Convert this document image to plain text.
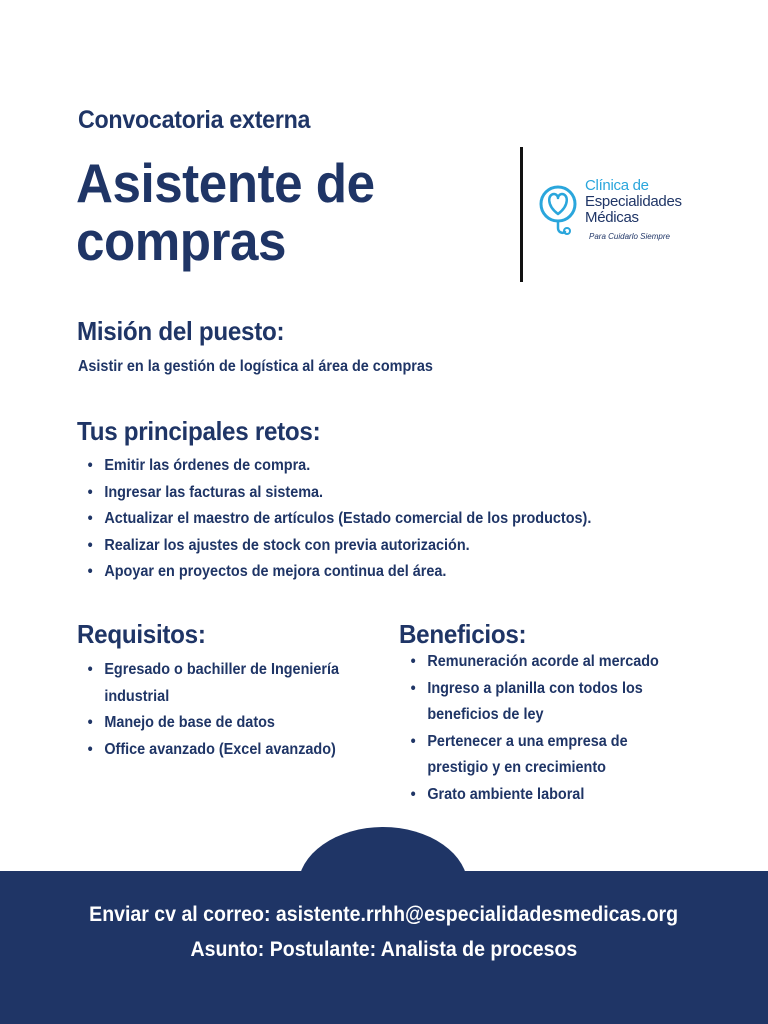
Convocatoria externa
Asistente de
compras
Clínica de
Especialidades
Médicas
Para Cuidarlo Siempre
Misión del puesto:
Asistir en la gestión de logística al área de compras
Tus principales retos:
• Emitir las órdenes de compra.
• Ingresar las facturas al sistema.
• Actualizar el maestro de artículos (Estado comercial de los productos).
• Realizar los ajustes de stock con previa autorización.
• Apoyar en proyectos de mejora continua del área.
Requisitos:
• Egresado o bachiller de Ingeniería industrial
• Manejo de base de datos
• Office avanzado (Excel avanzado)
Beneficios:
• Remuneración acorde al mercado
• Ingreso a planilla con todos los beneficios de ley
• Pertenecer a una empresa de prestigio y en crecimiento
• Grato ambiente laboral
Enviar cv al correo: asistente.rrhh@especialidadesmedicas.org
Asunto: Postulante: Analista de procesos
